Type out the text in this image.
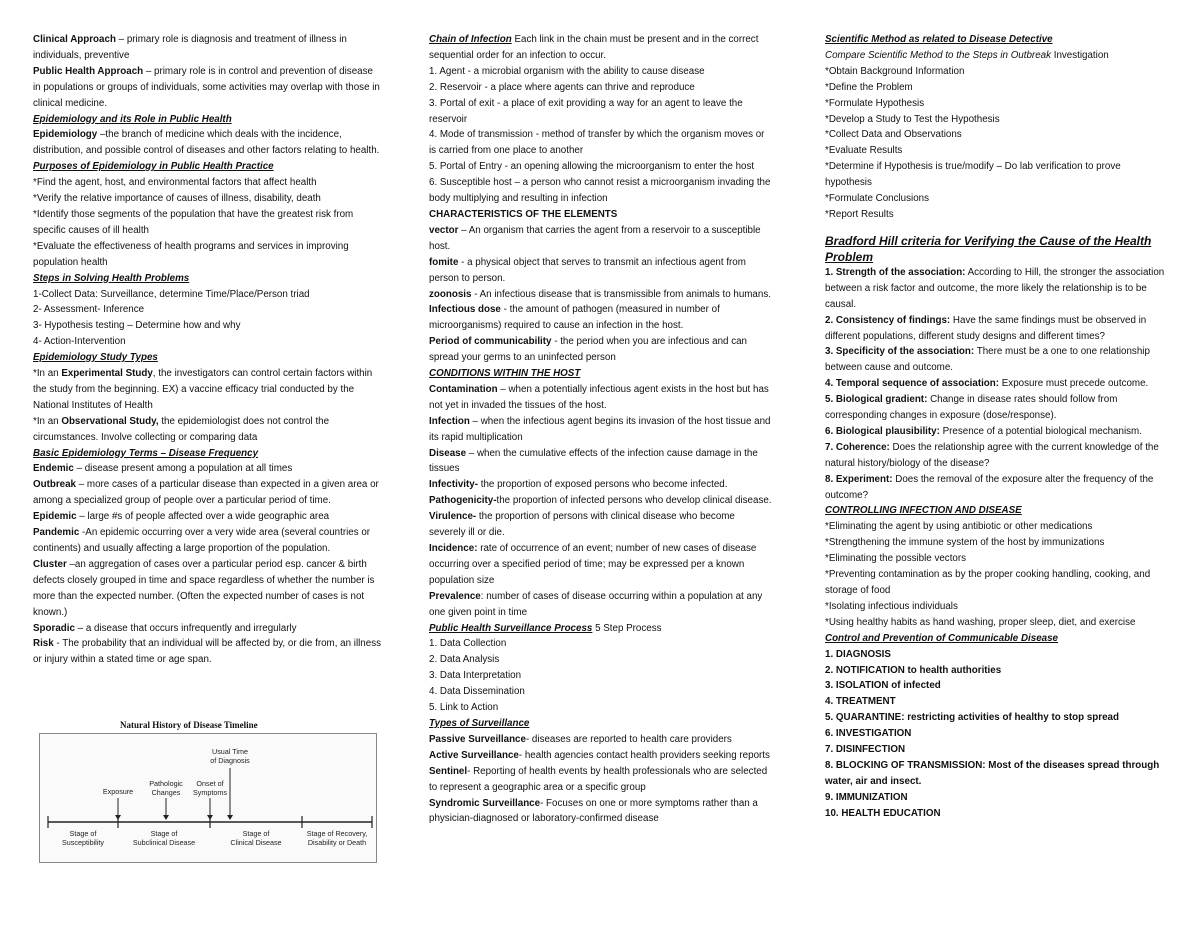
Clinical Approach – primary role is diagnosis and treatment of illness in individuals, preventive
Public Health Approach – primary role is in control and prevention of disease in populations or groups of individuals, some activities may overlap with those in clinical medicine.
Epidemiology and its Role in Public Health
Epidemiology –the branch of medicine which deals with the incidence, distribution, and possible control of diseases and other factors relating to health.
Purposes of Epidemiology in Public Health Practice
*Find the agent, host, and environmental factors that affect health
*Verify the relative importance of causes of illness, disability, death
*Identify those segments of the population that have the greatest risk from specific causes of ill health
*Evaluate the effectiveness of health programs and services in improving population health
Steps in Solving Health Problems
1-Collect Data: Surveillance, determine Time/Place/Person triad
2- Assessment- Inference
3- Hypothesis testing – Determine how and why
4- Action-Intervention
Epidemiology Study Types
*In an Experimental Study, the investigators can control certain factors within the study from the beginning. EX) a vaccine efficacy trial conducted by the National Institutes of Health
*In an Observational Study, the epidemiologist does not control the circumstances. Involve collecting or comparing data
Basic Epidemiology Terms – Disease Frequency
Endemic – disease present among a population at all times
Outbreak – more cases of a particular disease than expected in a given area or among a specialized group of people over a particular period of time.
Epidemic – large #s of people affected over a wide geographic area
Pandemic -An epidemic occurring over a very wide area (several countries or continents) and usually affecting a large proportion of the population.
Cluster –an aggregation of cases over a particular period esp. cancer & birth defects closely grouped in time and space regardless of whether the number is more than the expected number. (Often the expected number of cases is not known.)
Sporadic – a disease that occurs infrequently and irregularly
Risk - The probability that an individual will be affected by, or die from, an illness or injury within a stated time or age span.
Natural History of Disease Timeline
Exposure
Pathologic
Changes
Onset of
Symptoms
Usual Time
of Diagnosis
Stage of
Susceptibility
Stage of
Subclinical Disease
Stage of
Clinical Disease
Stage of Recovery,
Disability or Death
Chain of Infection Each link in the chain must be present and in the correct sequential order for an infection to occur.
1. Agent - a microbial organism with the ability to cause disease
2. Reservoir - a place where agents can thrive and reproduce
3. Portal of exit - a place of exit providing a way for an agent to leave the reservoir
4. Mode of transmission - method of transfer by which the organism moves or is carried from one place to another
5. Portal of Entry - an opening allowing the microorganism to enter the host
6. Susceptible host – a person who cannot resist a microorganism invading the body multiplying and resulting in infection
CHARACTERISTICS OF THE ELEMENTS
vector – An organism that carries the agent from a reservoir to a susceptible host.
fomite - a physical object that serves to transmit an infectious agent from person to person.
zoonosis - An infectious disease that is transmissible from animals to humans.
Infectious dose - the amount of pathogen (measured in number of microorganisms) required to cause an infection in the host.
Period of communicability - the period when you are infectious and can spread your germs to an uninfected person
CONDITIONS WITHIN THE HOST
Contamination – when a potentially infectious agent exists in the host but has not yet in invaded the tissues of the host.
Infection – when the infectious agent begins its invasion of the host tissue and its rapid multiplication
Disease – when the cumulative effects of the infection cause damage in the tissues
Infectivity- the proportion of exposed persons who become infected.
Pathogenicity-the proportion of infected persons who develop clinical disease.
Virulence- the proportion of persons with clinical disease who become severely ill or die.
Incidence: rate of occurrence of an event; number of new cases of disease occurring over a specified period of time; may be expressed per a known population size
Prevalence: number of cases of disease occurring within a population at any one given point in time
Public Health Surveillance Process 5 Step Process
1. Data Collection
2. Data Analysis
3. Data Interpretation
4. Data Dissemination
5. Link to Action
Types of Surveillance
Passive Surveillance- diseases are reported to health care providers
Active Surveillance- health agencies contact health providers seeking reports
Sentinel- Reporting of health events by health professionals who are selected to represent a geographic area or a specific group
Syndromic Surveillance- Focuses on one or more symptoms rather than a physician-diagnosed or laboratory-confirmed disease
Scientific Method as related to Disease Detective
Compare Scientific Method to the Steps in Outbreak Investigation
*Obtain Background Information
*Define the Problem
*Formulate Hypothesis
*Develop a Study to Test the Hypothesis
*Collect Data and Observations
*Evaluate Results
*Determine if Hypothesis is true/modify – Do lab verification to prove hypothesis
*Formulate Conclusions
*Report Results
Bradford Hill criteria for Verifying the Cause of the Health Problem
1. Strength of the association: According to Hill, the stronger the association between a risk factor and outcome, the more likely the relationship is to be causal.
2. Consistency of findings: Have the same findings must be observed in different populations, different study designs and different times?
3. Specificity of the association: There must be a one to one relationship between cause and outcome.
4. Temporal sequence of association: Exposure must precede outcome.
5. Biological gradient: Change in disease rates should follow from corresponding changes in exposure (dose/response).
6. Biological plausibility: Presence of a potential biological mechanism.
7. Coherence: Does the relationship agree with the current knowledge of the natural history/biology of the disease?
8. Experiment: Does the removal of the exposure alter the frequency of the outcome?
CONTROLLING INFECTION AND DISEASE
*Eliminating the agent by using antibiotic or other medications
*Strengthening the immune system of the host by immunizations
*Eliminating the possible vectors
*Preventing contamination as by the proper cooking handling, cooking, and storage of food
*Isolating infectious individuals
*Using healthy habits as hand washing, proper sleep, diet, and exercise
Control and Prevention of Communicable Disease
1. DIAGNOSIS
2. NOTIFICATION to health authorities
3. ISOLATION of infected
4. TREATMENT
5. QUARANTINE: restricting activities of healthy to stop spread
6. INVESTIGATION
7. DISINFECTION
8. BLOCKING OF TRANSMISSION: Most of the diseases spread through water, air and insect.
9. IMMUNIZATION
10. HEALTH EDUCATION
